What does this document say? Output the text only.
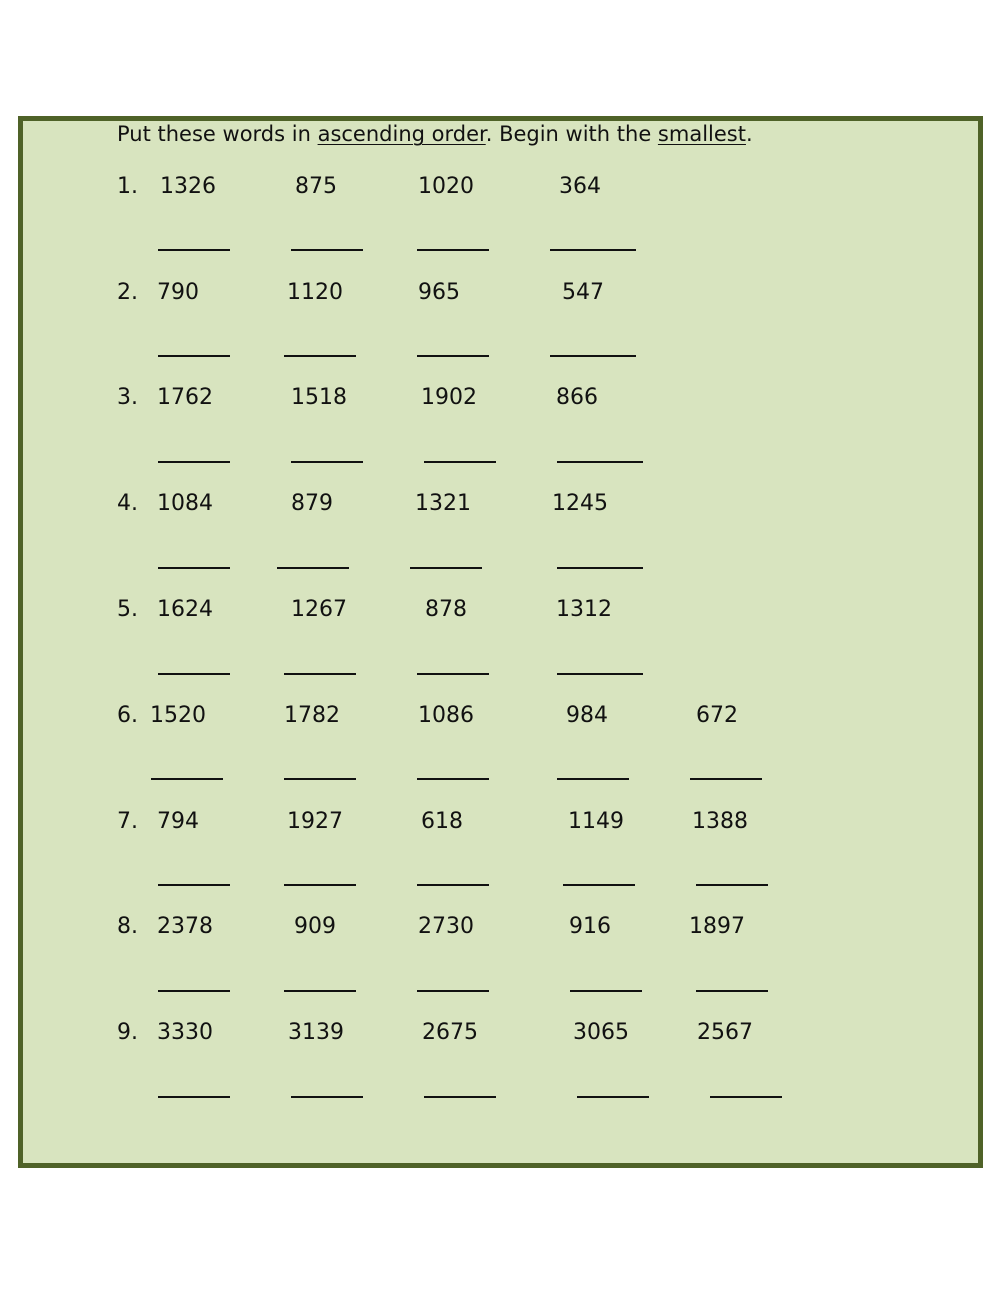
Put these words in ascending order. Begin with the smallest.
1. 1326	875	1020	364
2. 790	1120	965	547
3. 1762	1518	1902	866
4. 1084	879	1321	1245
5. 1624	1267	878	1312
6. 1520	1782	1086	984	672
7. 794	1927	618	1149	1388
8. 2378	909	2730	916	1897
9. 3330	3139	2675	3065	2567
